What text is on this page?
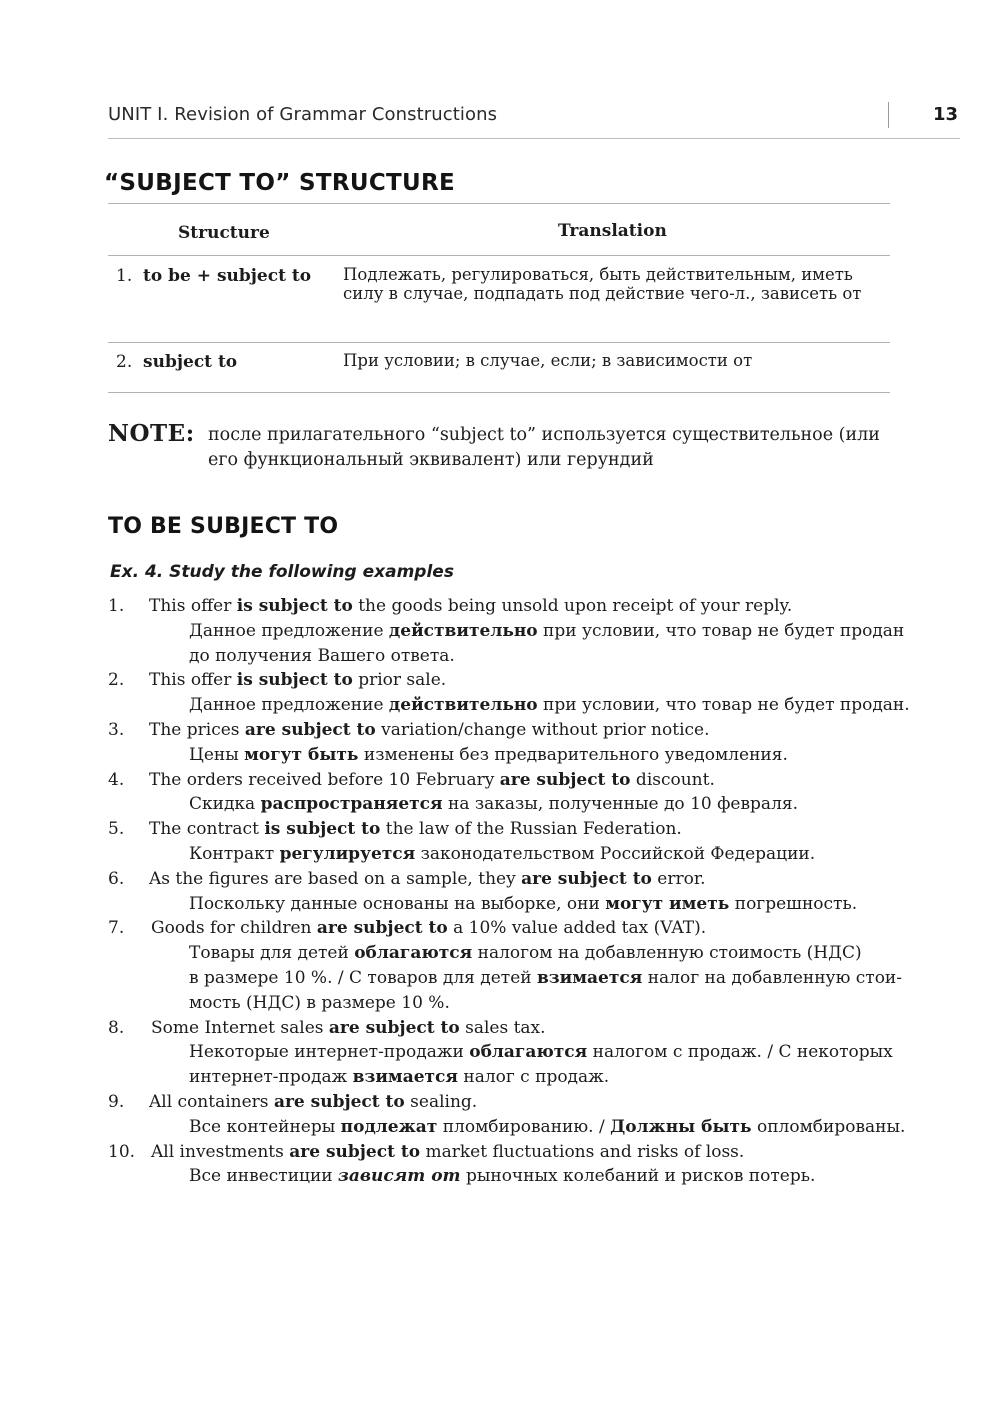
UNIT I. Revision of Grammar Constructions	13
“SUBJECT TO” STRUCTURE
Structure	Translation
1. to be + subject to Подлежать, регулироваться, быть действительным, иметь силу в случае, подпадать под действие чего-л., зависеть от
2. subject to	При условии; в случае, если; в зависимости от
NOTE: после прилагательного “subject to” используется существительное (или его функциональный эквивалент) или герундий
TO BE SUBJECT TO
Ex. 4. Study the following examples
1. This offer is subject to the goods being unsold upon receipt of your reply.
Данное предложение действительно при условии, что товар не будет продан
до получения Вашего ответа.
2. This offer is subject to prior sale.
Данное предложение действительно при условии, что товар не будет продан.
3. The prices are subject to variation/change without prior notice.
Цены могут быть изменены без предварительного уведомления.
4. The orders received before 10 February are subject to discount.
Скидка распространяется на заказы, полученные до 10 февраля.
5. The contract is subject to the law of the Russian Federation.
Контракт регулируется законодательством Российской Федерации.
6. As the figures are based on a sample, they are subject to error.
Поскольку данные основаны на выборке, они могут иметь погрешность.
7. Goods for children are subject to a 10% value added tax (VAT).
Товары для детей облагаются налогом на добавленную стоимость (НДС)
в размере 10 %. / С товаров для детей взимается налог на добавленную стои-
мость (НДС) в размере 10 %.
8. Some Internet sales are subject to sales tax.
Некоторые интернет-продажи облагаются налогом с продаж. / С некоторых
интернет-продаж взимается налог с продаж.
9. All containers are subject to sealing.
Все контейнеры подлежат пломбированию. / Должны быть опломбированы.
10. All investments are subject to market fluctuations and risks of loss.
Все инвестиции зависят от рыночных колебаний и рисков потерь.
